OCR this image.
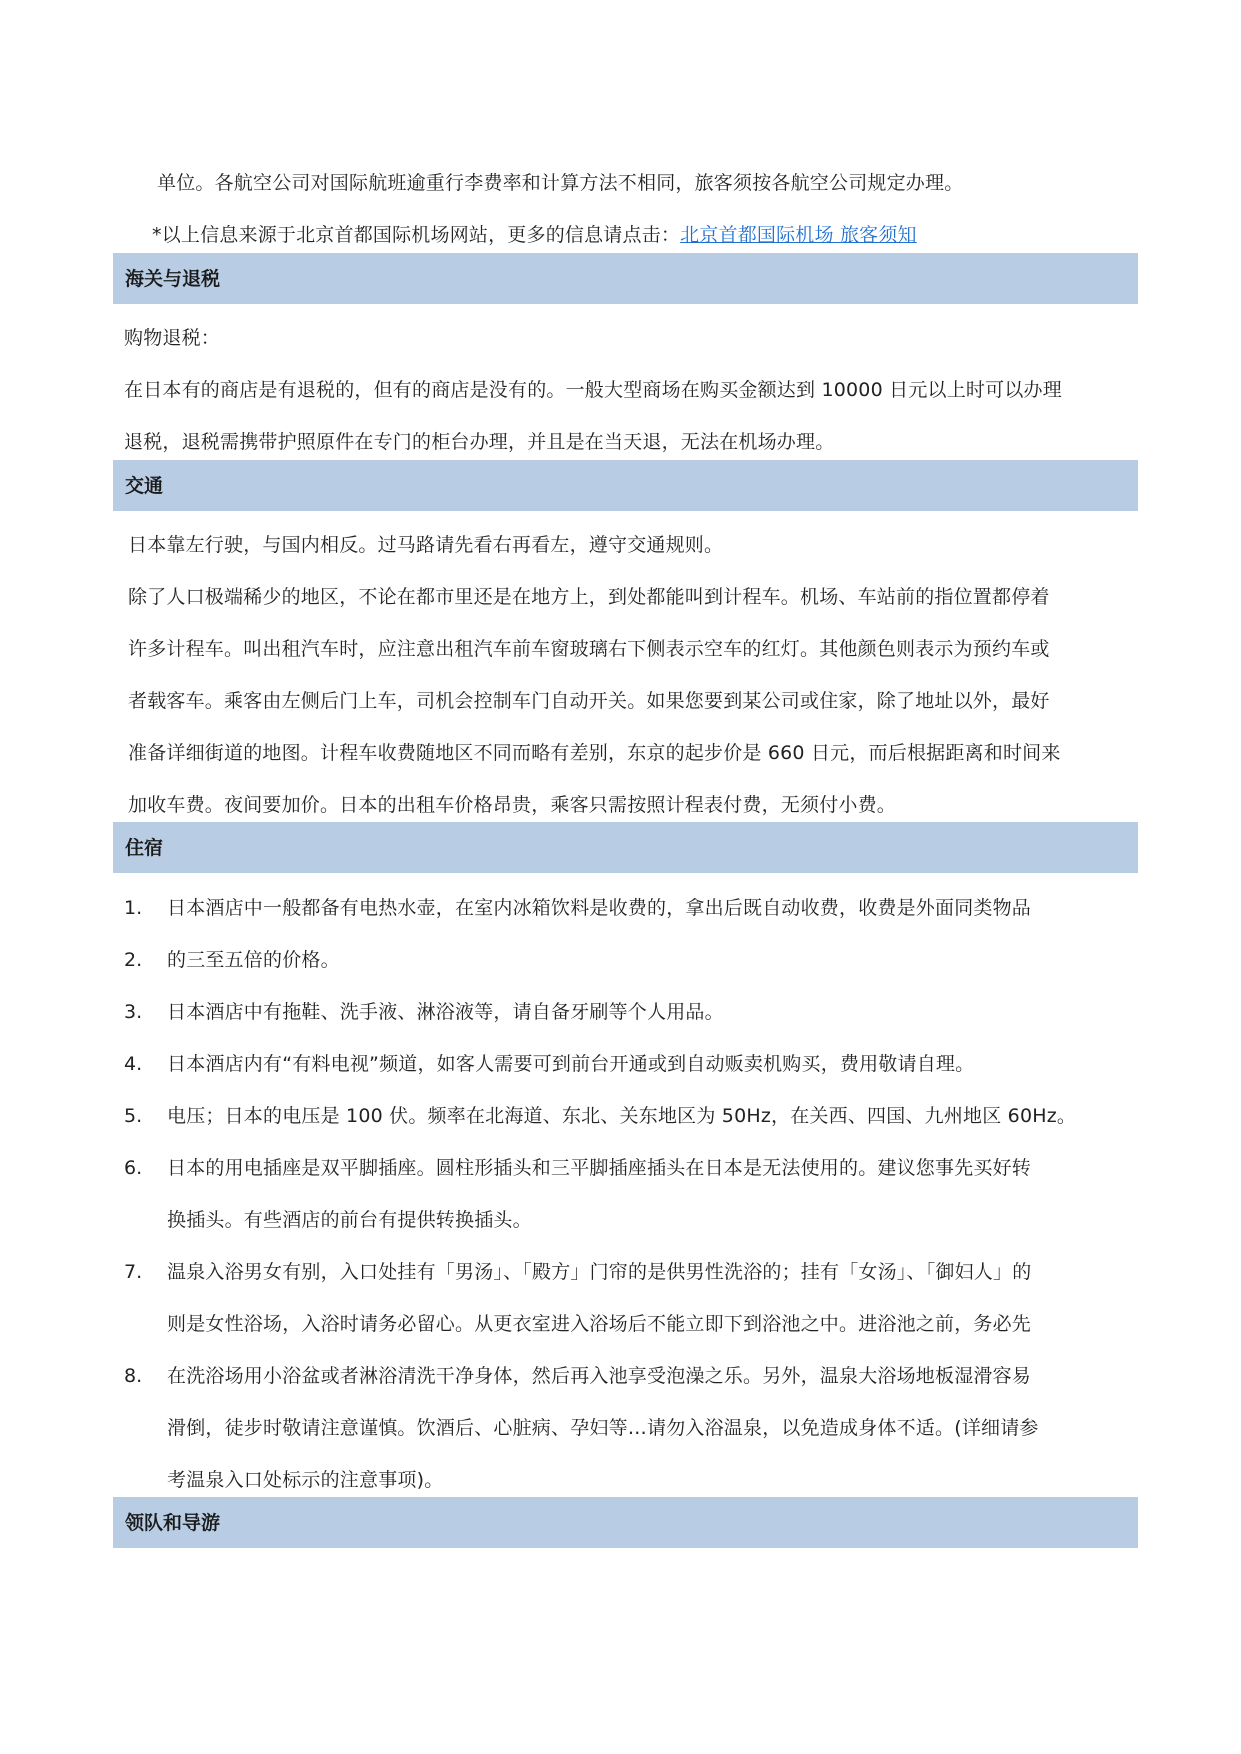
单位。各航空公司对国际航班逾重行李费率和计算方法不相同，旅客须按各航空公司规定办理。
*以上信息来源于北京首都国际机场网站，更多的信息请点击：北京首都国际机场 旅客须知
海关与退税
购物退税：
在日本有的商店是有退税的，但有的商店是没有的。一般大型商场在购买金额达到 10000 日元以上时可以办理
退税，退税需携带护照原件在专门的柜台办理，并且是在当天退，无法在机场办理。
交通
日本靠左行驶，与国内相反。过马路请先看右再看左，遵守交通规则。
除了人口极端稀少的地区，不论在都市里还是在地方上，到处都能叫到计程车。机场、车站前的指位置都停着
许多计程车。叫出租汽车时，应注意出租汽车前车窗玻璃右下侧表示空车的红灯。其他颜色则表示为预约车或
者载客车。乘客由左侧后门上车，司机会控制车门自动开关。如果您要到某公司或住家，除了地址以外，最好
准备详细街道的地图。计程车收费随地区不同而略有差别，东京的起步价是 660 日元，而后根据距离和时间来
加收车费。夜间要加价。日本的出租车价格昂贵，乘客只需按照计程表付费，无须付小费。
住宿
1. 日本酒店中一般都备有电热水壶，在室内冰箱饮料是收费的，拿出后既自动收费，收费是外面同类物品
2. 的三至五倍的价格。
3. 日本酒店中有拖鞋、洗手液、淋浴液等，请自备牙刷等个人用品。
4. 日本酒店内有“有料电视”频道，如客人需要可到前台开通或到自动贩卖机购买，费用敬请自理。
5. 电压；日本的电压是 100 伏。频率在北海道、东北、关东地区为 50Hz，在关西、四国、九州地区 60Hz。
6. 日本的用电插座是双平脚插座。圆柱形插头和三平脚插座插头在日本是无法使用的。建议您事先买好转
换插头。有些酒店的前台有提供转换插头。
7. 温泉入浴男女有别，入口处挂有「男汤」、「殿方」门帘的是供男性洗浴的；挂有「女汤」、「御妇人」的
则是女性浴场，入浴时请务必留心。从更衣室进入浴场后不能立即下到浴池之中。进浴池之前，务必先
8. 在洗浴场用小浴盆或者淋浴清洗干净身体，然后再入池享受泡澡之乐。另外，温泉大浴场地板湿滑容易
滑倒，徒步时敬请注意谨慎。饮酒后、心脏病、孕妇等…请勿入浴温泉，以免造成身体不适。(详细请参
考温泉入口处标示的注意事项)。
领队和导游
